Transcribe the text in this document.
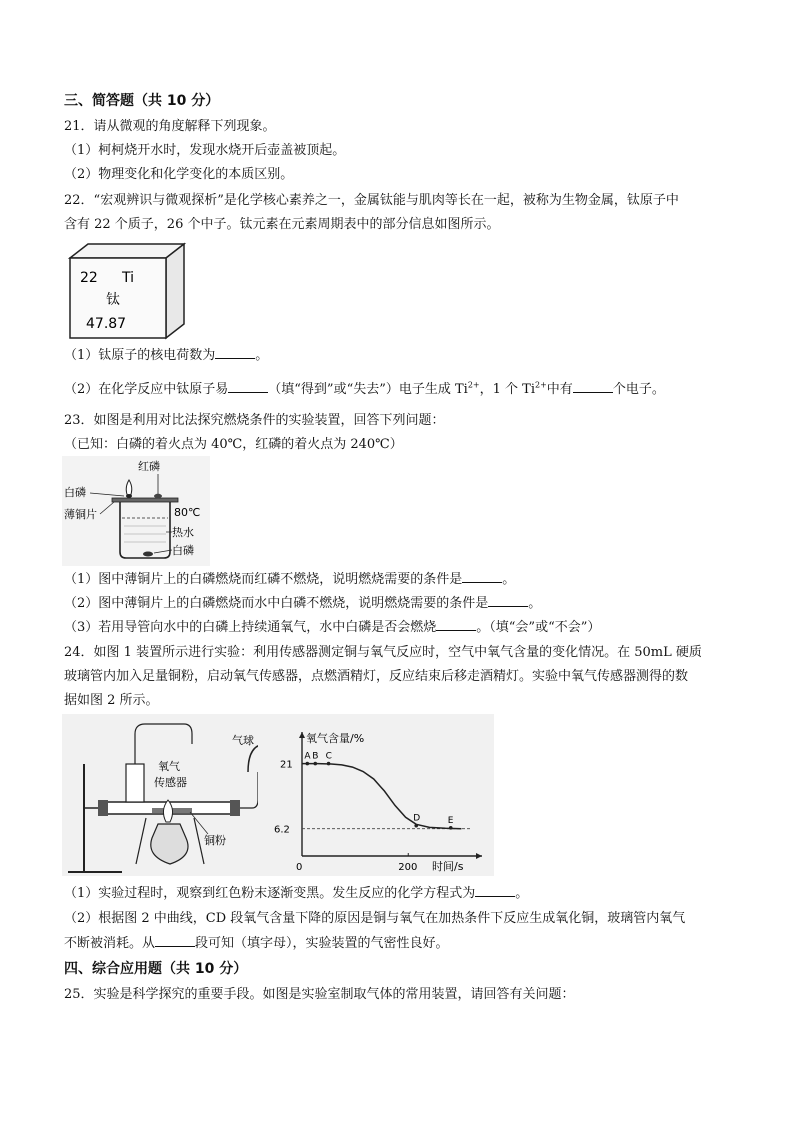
三、简答题（共 10 分）
21．请从微观的角度解释下列现象。
（1）柯柯烧开水时，发现水烧开后壶盖被顶起。
（2）物理变化和化学变化的本质区别。
22．“宏观辨识与微观探析”是化学核心素养之一，金属钛能与肌肉等长在一起，被称为生物金属，钛原子中
含有 22 个质子，26 个中子。钛元素在元素周期表中的部分信息如图所示。
22 Ti
钛
47.87
（1）钛原子的核电荷数为	。
（2）在化学反应中钛原子易	（填“得到”或“失去”）电子生成 $Ti^{2+}$，1 个 $Ti^{2+}$中有	个电子。
23．如图是利用对比法探究燃烧条件的实验装置，回答下列问题：
（已知：白磷的着火点为 40℃，红磷的着火点为 240℃）
红磷
白磷
薄铜片	80℃
热水
白磷
（1）图中薄铜片上的白磷燃烧而红磷不燃烧，说明燃烧需要的条件是	。
（2）图中薄铜片上的白磷燃烧而水中白磷不燃烧，说明燃烧需要的条件是	。
（3）若用导管向水中的白磷上持续通氧气，水中白磷是否会燃烧	。（填“会”或“不会”）
24．如图 1 装置所示进行实验：利用传感器测定铜与氧气反应时，空气中氧气含量的变化情况。在 50mL 硬质
玻璃管内加入足量铜粉，启动氧气传感器，点燃酒精灯，反应结束后移走酒精灯。实验中氧气传感器测得的数
据如图 2 所示。
氧气
传感器
气球
铜粉
氧气含量/%
时间/s
0	200
6.2
21
A B C
D	E
（1）实验过程时，观察到红色粉末逐渐变黑。发生反应的化学方程式为	。
（2）根据图 2 中曲线，CD 段氧气含量下降的原因是铜与氧气在加热条件下反应生成氧化铜，玻璃管内氧气
不断被消耗。从	段可知（填字母），实验装置的气密性良好。
四、综合应用题（共 10 分）
25．实验是科学探究的重要手段。如图是实验室制取气体的常用装置，请回答有关问题：
